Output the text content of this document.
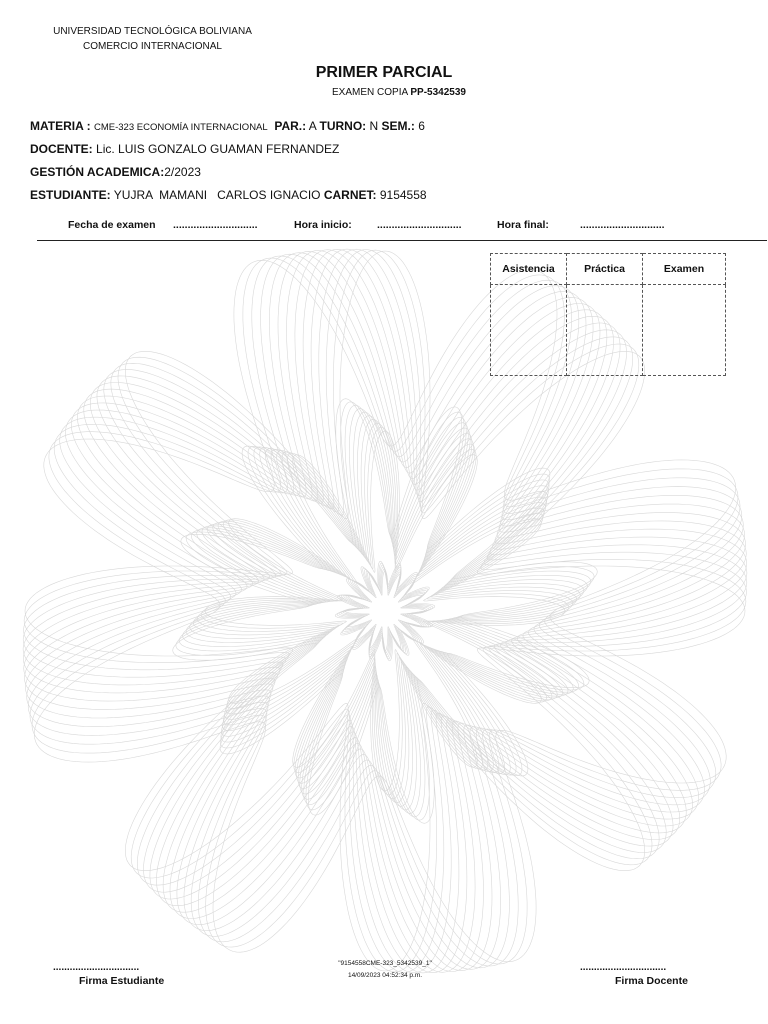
UNIVERSIDAD TECNOLÓGICA BOLIVIANA
COMERCIO INTERNACIONAL
PRIMER PARCIAL
EXAMEN COPIA PP-5342539
MATERIA : CME-323 ECONOMÍA INTERNACIONAL PAR.: A TURNO: N SEM.: 6
DOCENTE: Lic. LUIS GONZALO GUAMAN FERNANDEZ
GESTIÓN ACADEMICA:2/2023
ESTUDIANTE: YUJRA  MAMANI   CARLOS IGNACIO CARNET: 9154558
Fecha de examen .............................	Hora inicio: .............................	Hora final:	.............................
Asistencia	Práctica	Examen

...............................
Firma Estudiante
"9154558CME-323_5342539_1"
14/09/2023 04:52:34 p.m.
...............................
Firma Docente
